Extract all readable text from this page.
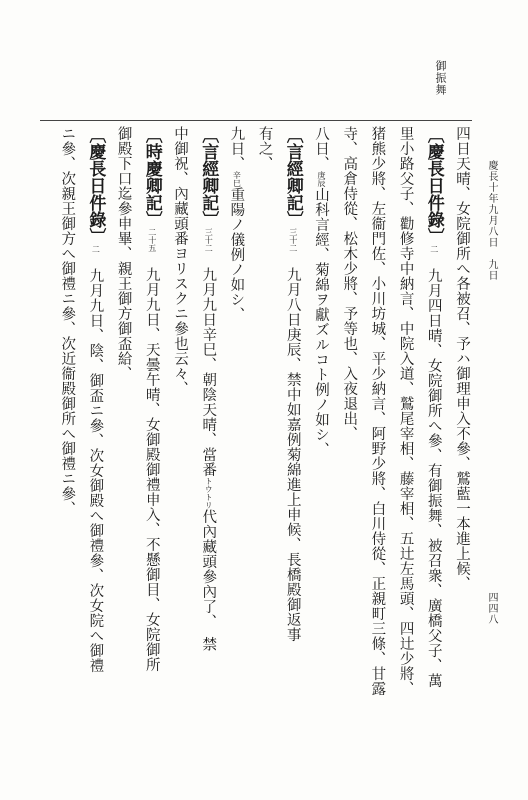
御振舞
慶長十年九月八日　九日
四四八
四日天晴、女院御所へ各被召、予ハ御理申入不參、鷲藍一本進上候、
〔慶長日件錄〕二　九月四日晴、女院御所へ參、有御振舞、被召衆、廣橋父子、萬
里小路父子、勸修寺中納言、中院入道、鷲尾宰相、藤宰相、五辻左馬頭、四辻少將、
猪熊少將、左衞門佐、小川坊城、平少納言、阿野少將、白川侍從、正親町三條、甘露
寺、高倉侍從、松木少將、予等也、入夜退出、
八日、庚辰山科言經、菊綿ヲ獻ズルコト例ノ如シ、
〔言經卿記〕三十二　九月八日庚辰、禁中如嘉例菊綿進上申候、長橋殿御返事
有之、
九日、辛巳重陽ノ儀例ノ如シ、
〔言經卿記〕三十二　九月九日辛巳、朝陰天晴、當番トウトリ代內藏頭參內了、　禁
中御祝、內藏頭番ヨリスクニ參也云々、
〔時慶卿記〕二十五　九月九日、天曇午晴、女御殿御禮申入、不懸御目、女院御所
御殿下口迄參申畢、親王御方御盃給、
〔慶長日件錄〕二　九月九日、陰、御盃ニ參、次女御殿へ御禮參、次女院へ御禮
ニ參、次親王御方へ御禮ニ參、次近衞殿御所へ御禮ニ參、
